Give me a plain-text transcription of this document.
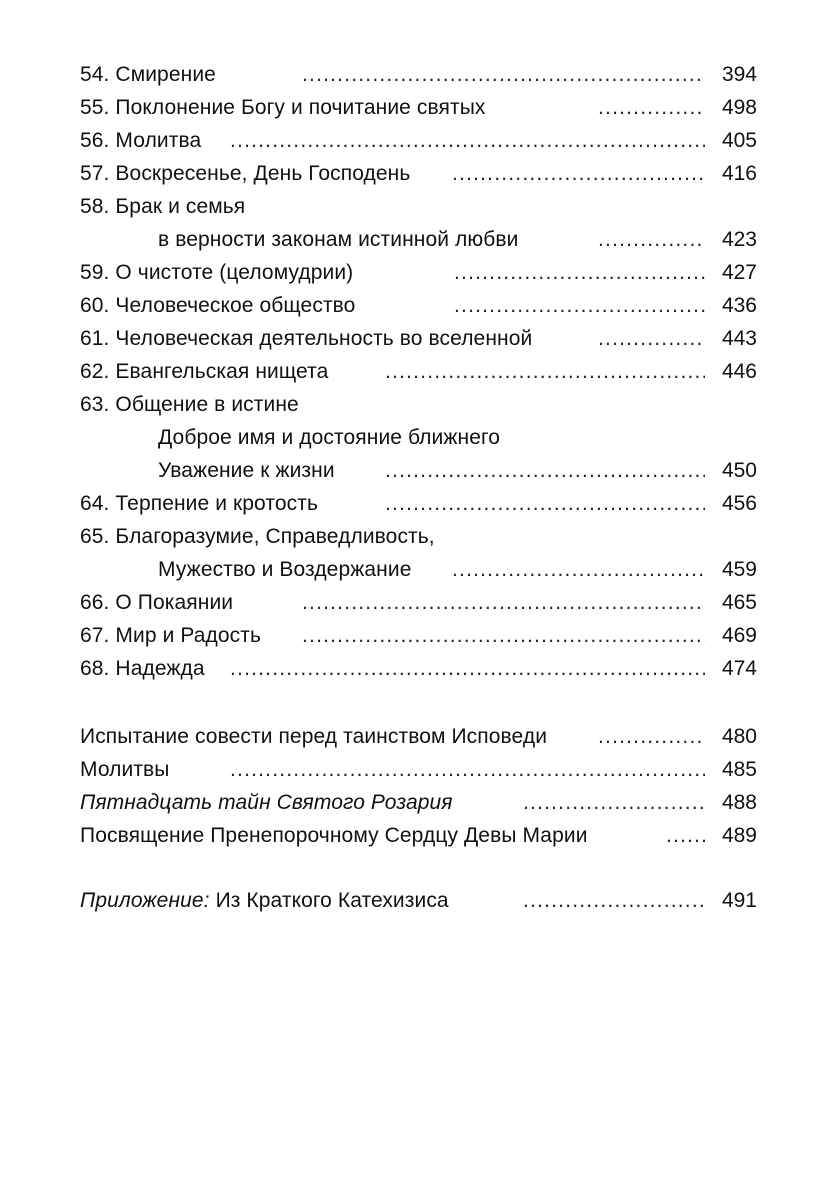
54. Смирение .....	394
55. Поклонение Богу и почитание святых .....	498
56. Молитва .....	405
57. Воскресенье, День Господень .....	416
58. Брак и семья
в верности законам истинной любви .....	423
59. О чистоте (целомудрии) .....	427
60. Человеческое общество .....	436
61. Человеческая деятельность во вселенной .....	443
62. Евангельская нищета .....	446
63. Общение в истине
Доброе имя и достояние ближнего
Уважение к жизни .....	450
64. Терпение и кротость .....	456
65. Благоразумие, Справедливость,
Мужество и Воздержание .....	459
66. О Покаянии .....	465
67. Мир и Радость .....	469
68. Надежда .....	474
Испытание совести перед таинством Исповеди .....	480
Молитвы .....	485
Пятнадцать тайн Святого Розария .....	488
Посвящение Пренепорочному Сердцу Девы Марии .....	489
Приложение: Из Краткого Катехизиса .....	491
